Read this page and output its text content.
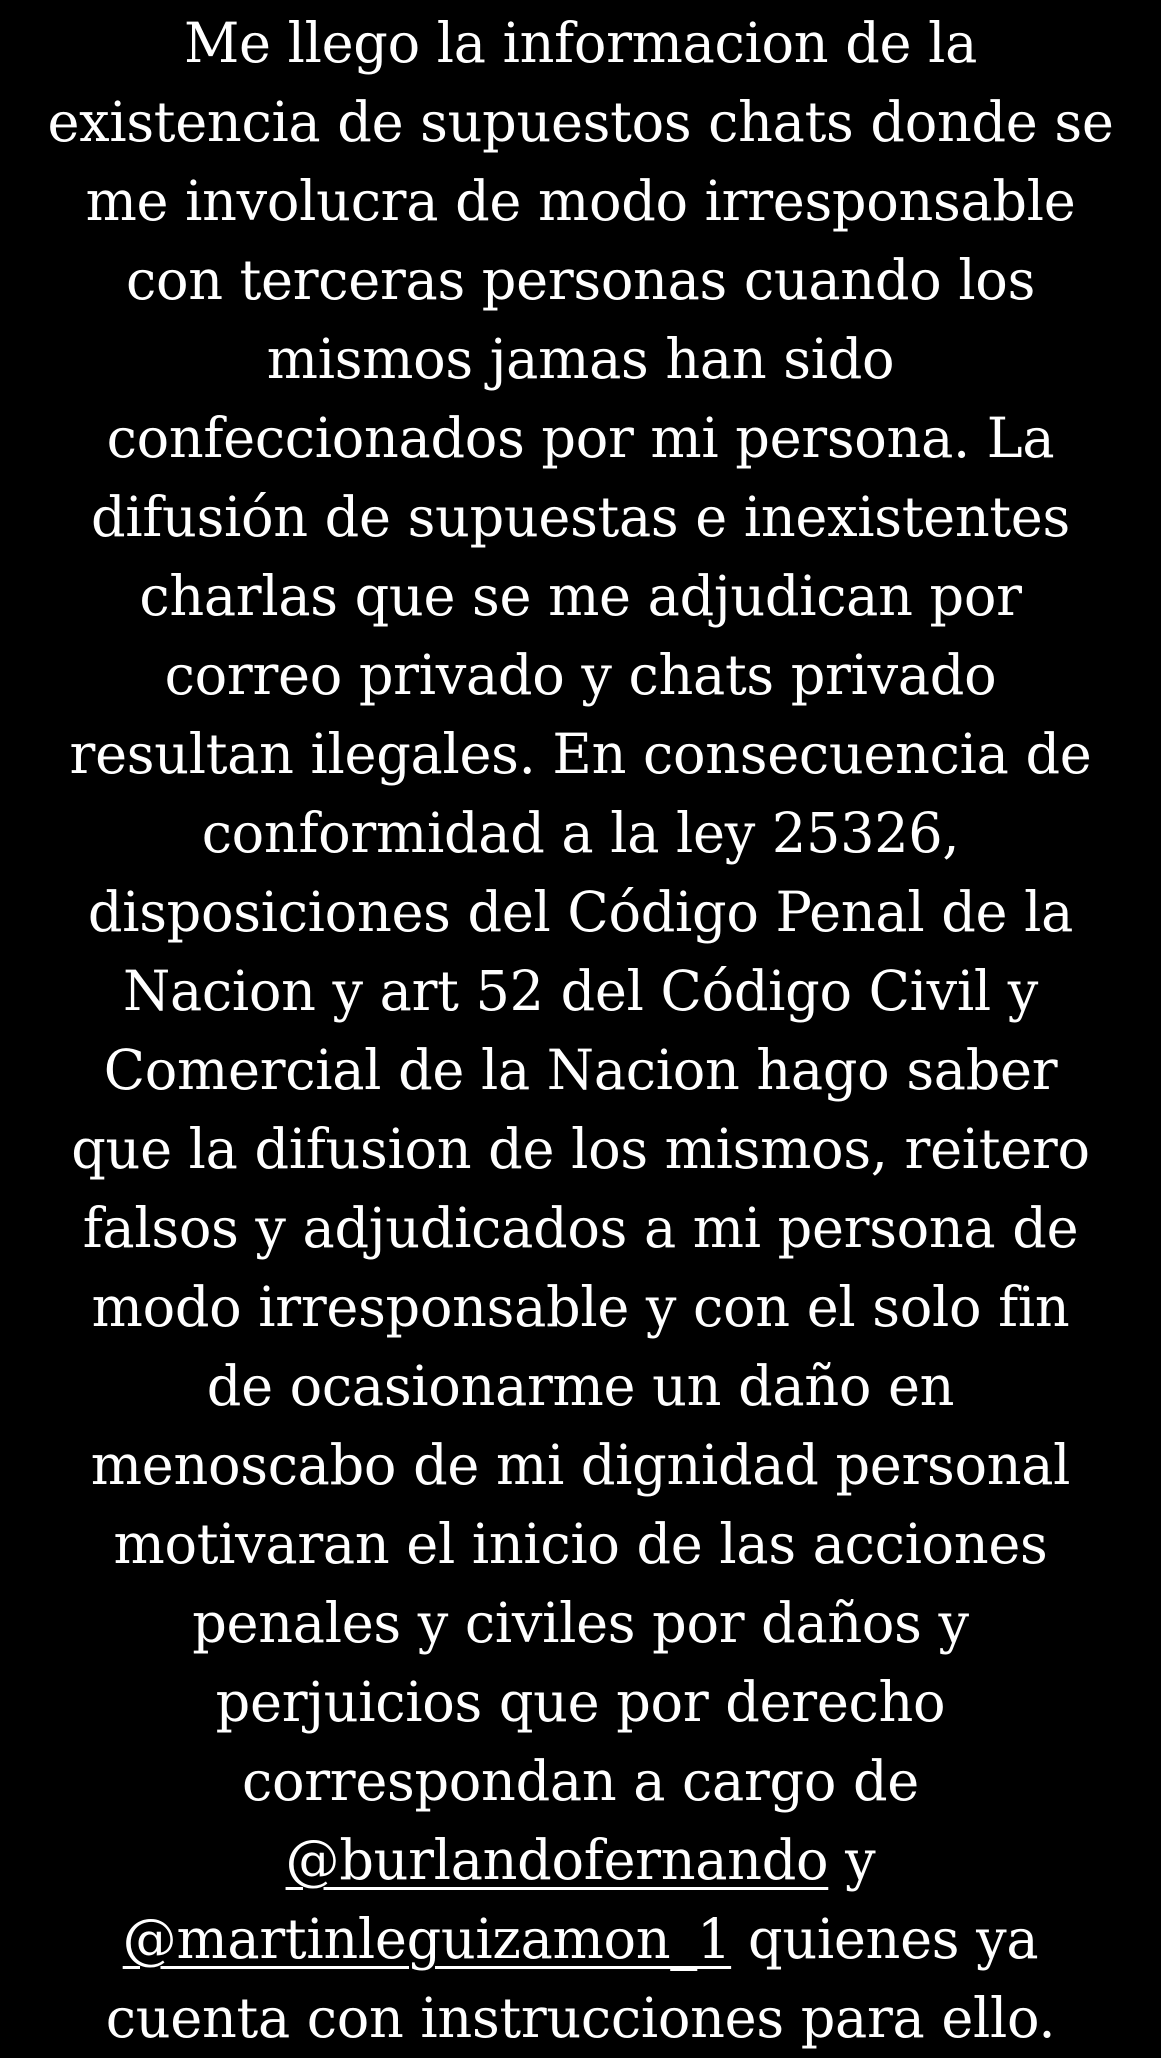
Me llego la informacion de la
existencia de supuestos chats donde se
me involucra de modo irresponsable
con terceras personas cuando los
mismos jamas han sido
confeccionados por mi persona. La
difusión de supuestas e inexistentes
charlas que se me adjudican por
correo privado y chats privado
resultan ilegales. En consecuencia de
conformidad a la ley 25326,
disposiciones del Código Penal de la
Nacion y art 52 del Código Civil y
Comercial de la Nacion hago saber
que la difusion de los mismos, reitero
falsos y adjudicados a mi persona de
modo irresponsable y con el solo fin
de ocasionarme un daño en
menoscabo de mi dignidad personal
motivaran el inicio de las acciones
penales y civiles por daños y
perjuicios que por derecho
correspondan a cargo de
@burlandofernando y
@martinleguizamon_1 quienes ya
cuenta con instrucciones para ello.
